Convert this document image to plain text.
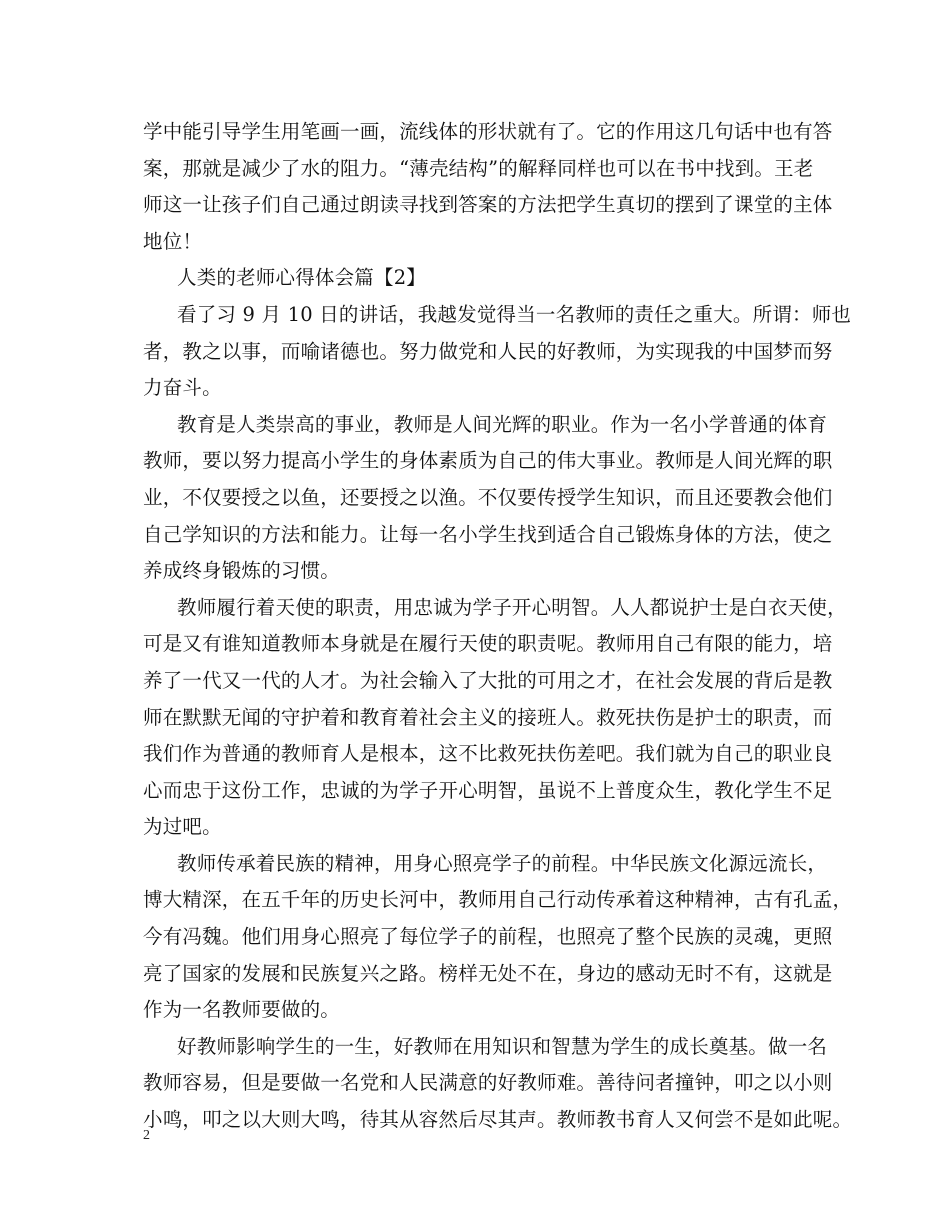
学中能引导学生用笔画一画，流线体的形状就有了。它的作用这几句话中也有答
案，那就是减少了水的阻力。“薄壳结构”的解释同样也可以在书中找到。王老
师这一让孩子们自己通过朗读寻找到答案的方法把学生真切的摆到了课堂的主体
地位！
人类的老师心得体会篇【2】
看了习 9 月 10 日的讲话，我越发觉得当一名教师的责任之重大。所谓：师也
者，教之以事，而喻诸德也。努力做党和人民的好教师，为实现我的中国梦而努
力奋斗。
教育是人类崇高的事业，教师是人间光辉的职业。作为一名小学普通的体育
教师，要以努力提高小学生的身体素质为自己的伟大事业。教师是人间光辉的职
业，不仅要授之以鱼，还要授之以渔。不仅要传授学生知识，而且还要教会他们
自己学知识的方法和能力。让每一名小学生找到适合自己锻炼身体的方法，使之
养成终身锻炼的习惯。
教师履行着天使的职责，用忠诚为学子开心明智。人人都说护士是白衣天使，
可是又有谁知道教师本身就是在履行天使的职责呢。教师用自己有限的能力，培
养了一代又一代的人才。为社会输入了大批的可用之才，在社会发展的背后是教
师在默默无闻的守护着和教育着社会主义的接班人。救死扶伤是护士的职责，而
我们作为普通的教师育人是根本，这不比救死扶伤差吧。我们就为自己的职业良
心而忠于这份工作，忠诚的为学子开心明智，虽说不上普度众生，教化学生不足
为过吧。
教师传承着民族的精神，用身心照亮学子的前程。中华民族文化源远流长，
博大精深，在五千年的历史长河中，教师用自己行动传承着这种精神，古有孔孟，
今有冯魏。他们用身心照亮了每位学子的前程，也照亮了整个民族的灵魂，更照
亮了国家的发展和民族复兴之路。榜样无处不在，身边的感动无时不有，这就是
作为一名教师要做的。
好教师影响学生的一生，好教师在用知识和智慧为学生的成长奠基。做一名
教师容易，但是要做一名党和人民满意的好教师难。善待问者撞钟，叩之以小则
小鸣，叩之以大则大鸣，待其从容然后尽其声。教师教书育人又何尝不是如此呢。
2
